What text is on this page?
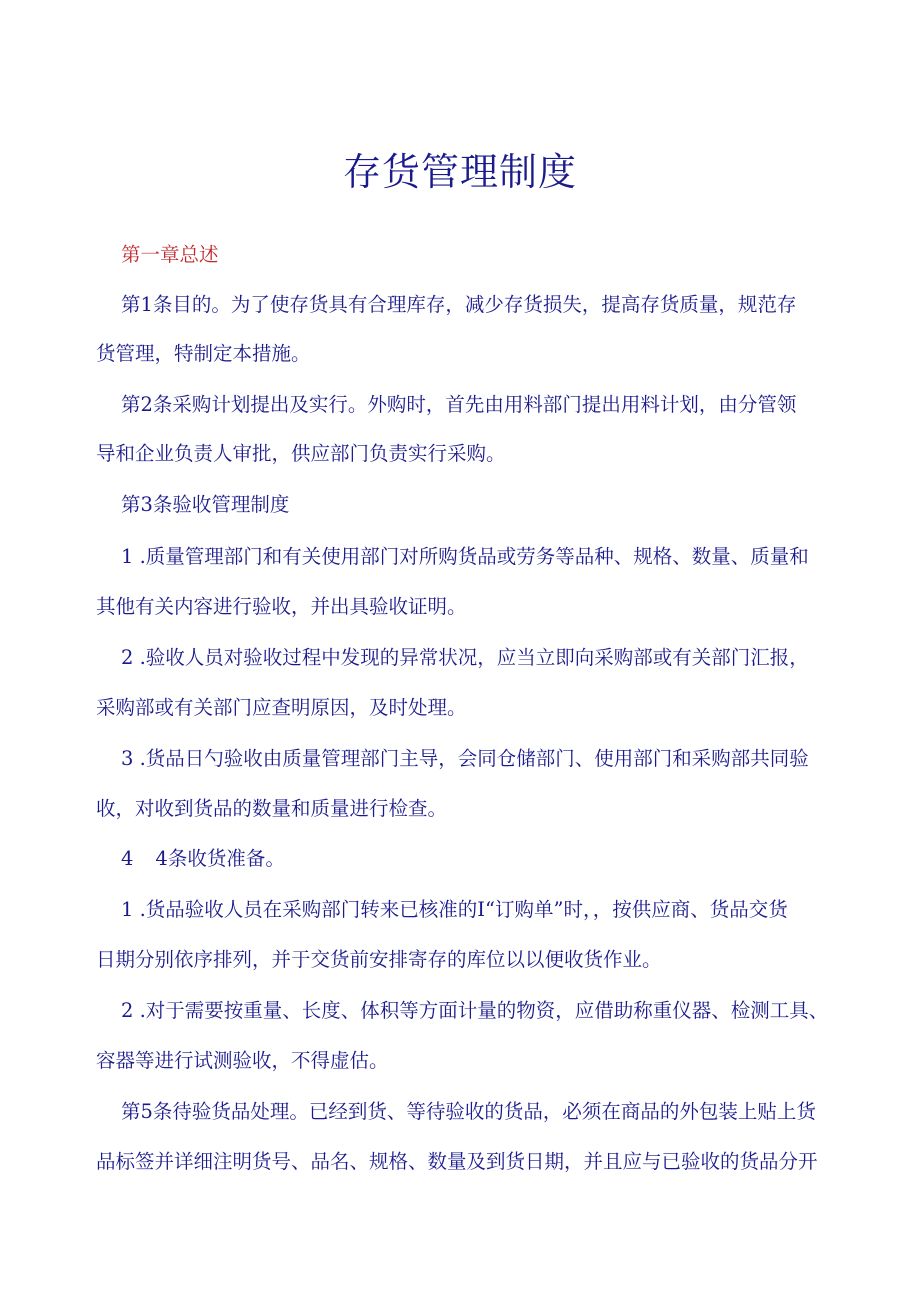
存货管理制度

第一章总述

第1条目的。为了使存货具有合理库存，减少存货损失，提高存货质量，规范存

货管理，特制定本措施。

第2条采购计划提出及实行。外购时，首先由用料部门提出用料计划，由分管领

导和企业负责人审批，供应部门负责实行采购。

第3条验收管理制度

1 .质量管理部门和有关使用部门对所购货品或劳务等品种、规格、数量、质量和

其他有关内容进行验收，并出具验收证明。

2 .验收人员对验收过程中发现的异常状况，应当立即向采购部或有关部门汇报，

采购部或有关部门应查明原因，及时处理。

3 .货品日勺验收由质量管理部门主导，会同仓储部门、使用部门和采购部共同验

收，对收到货品的数量和质量进行检查。

4 4条收货准备。

1 .货品验收人员在采购部门转来已核准的I“订购单”时，，按供应商、货品交货

日期分别依序排列，并于交货前安排寄存的库位以以便收货作业。

2 .对于需要按重量、长度、体积等方面计量的物资，应借助称重仪器、检测工具、

容器等进行试测验收，不得虚估。

第5条待验货品处理。已经到货、等待验收的货品，必须在商品的外包装上贴上货

品标签并详细注明货号、品名、规格、数量及到货日期，并且应与已验收的货品分开
